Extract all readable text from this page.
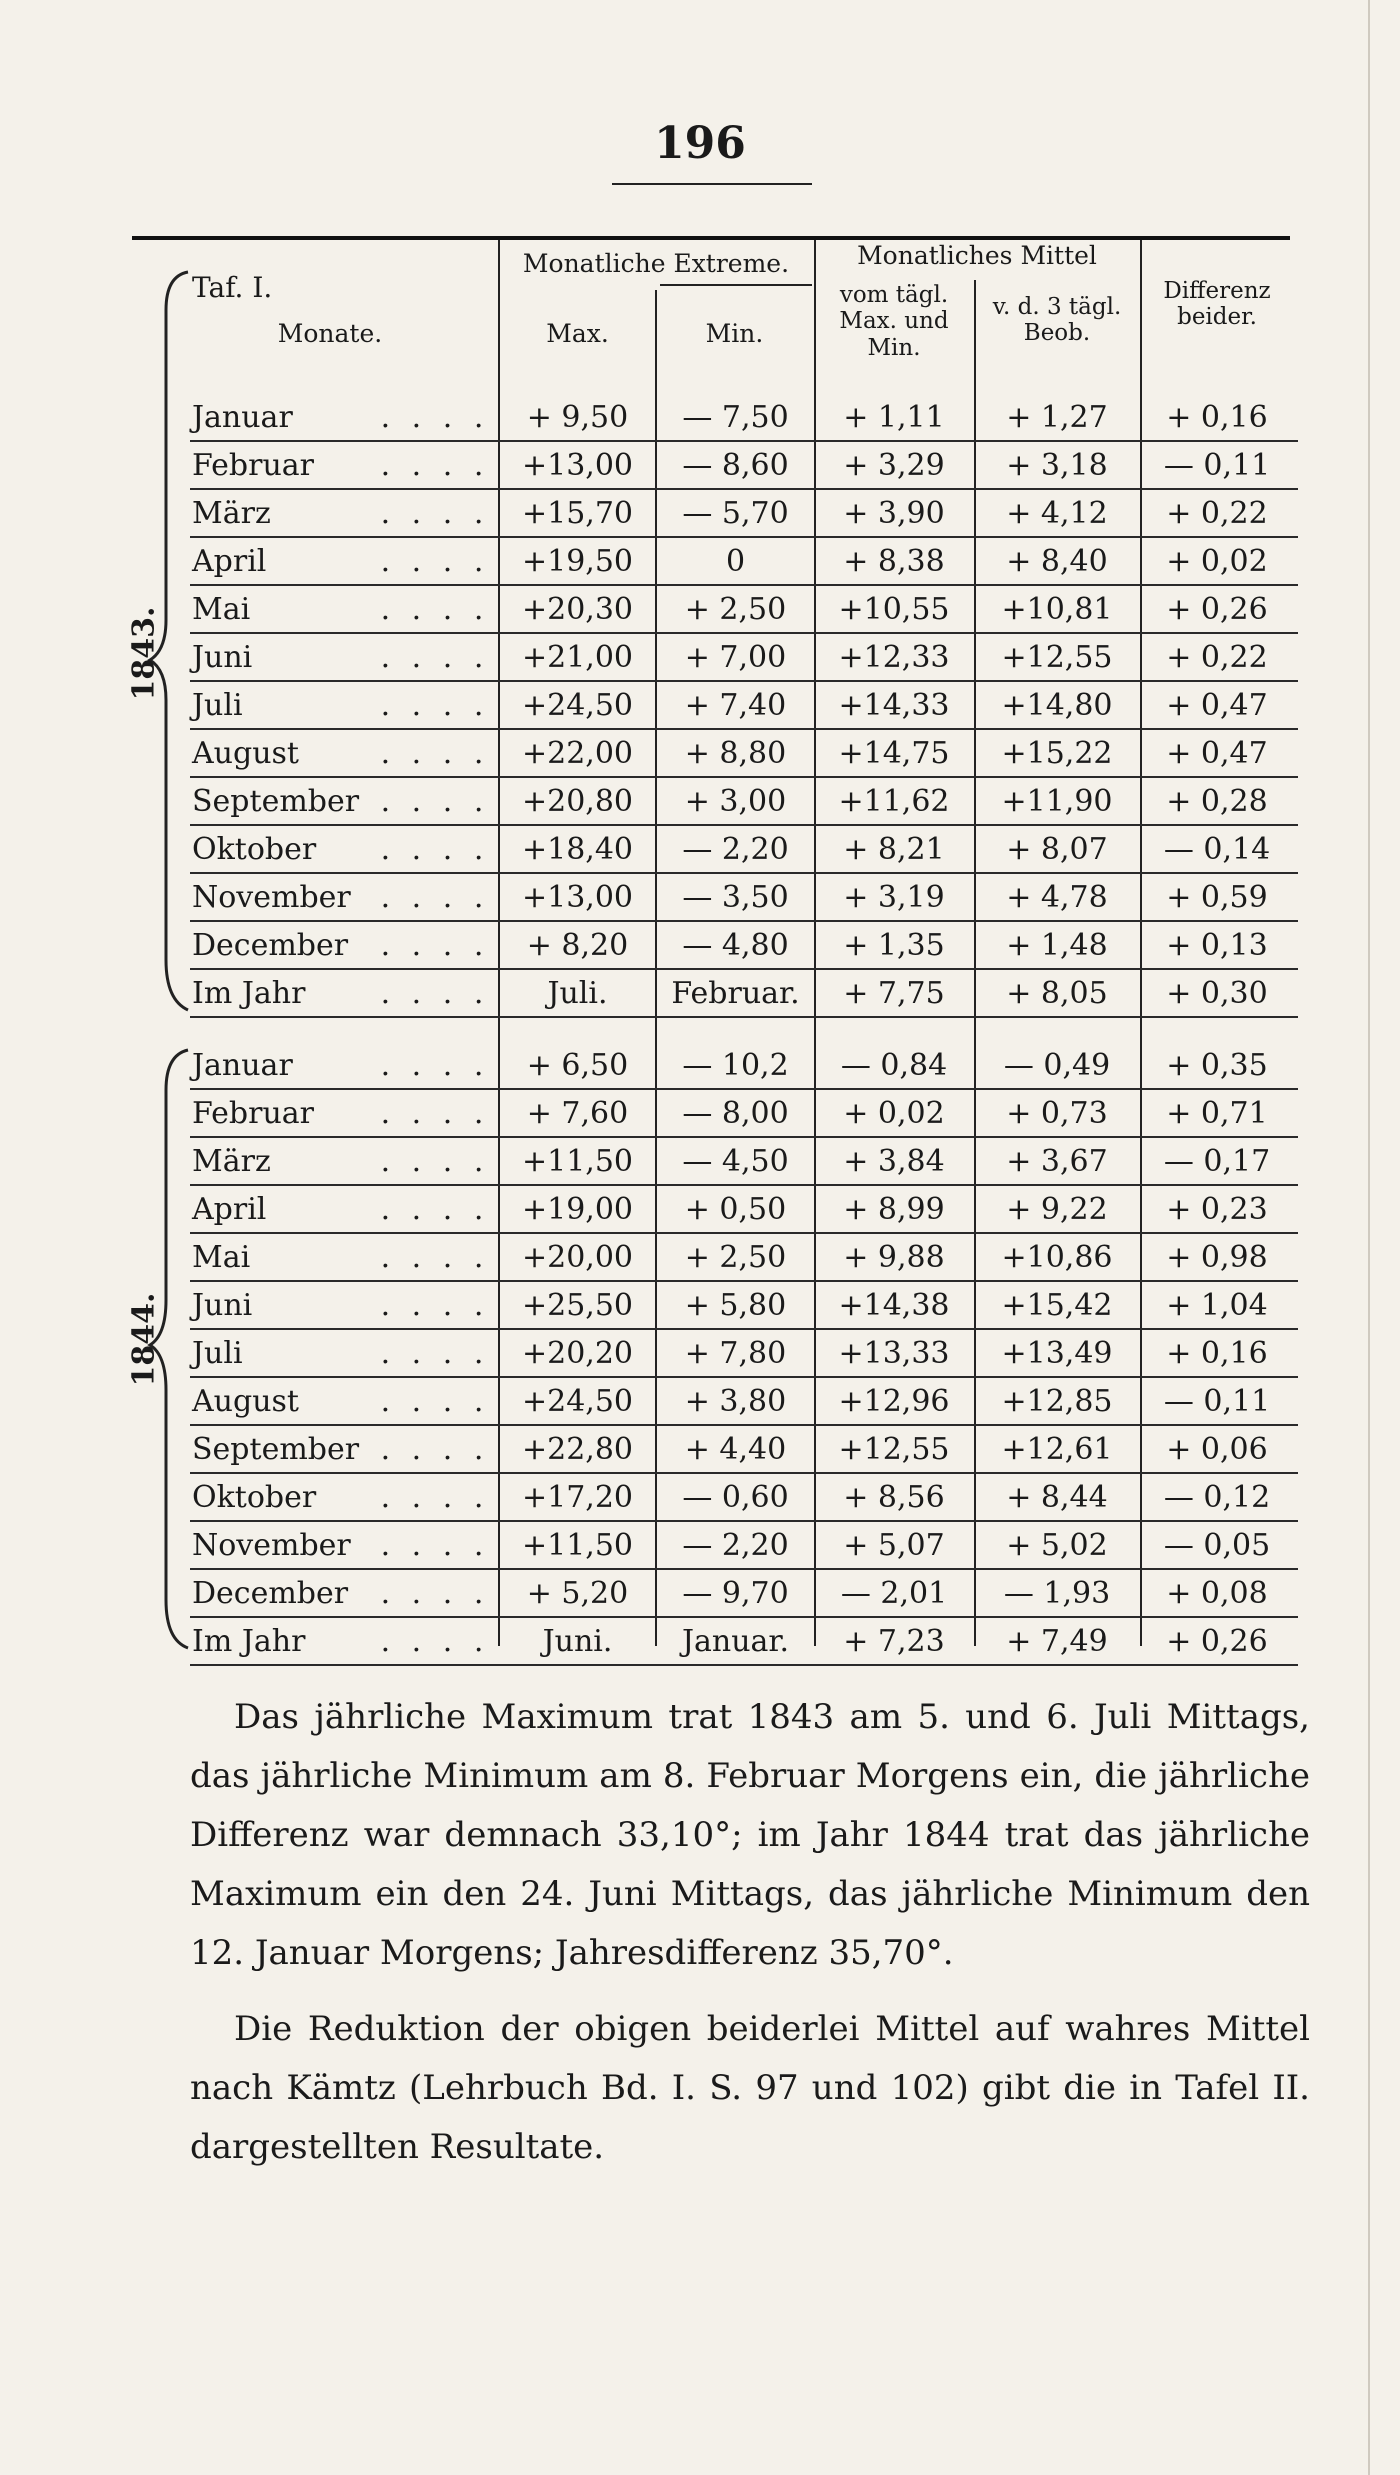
196
Taf. I.
Monate.
Monatliche Extreme.
Max.	Min.
Monatliches Mittel
vom tägl. Max. und Min.
v. d. 3 tägl. Beob.
Differenz beider.
1843.
1844.
Januar	. . . .	+ 9,50	— 7,50	+ 1,11	+ 1,27	+ 0,16
Februar	. . . .	+13,00	— 8,60	+ 3,29	+ 3,18	— 0,11
März	. . . .	+15,70	— 5,70	+ 3,90	+ 4,12	+ 0,22
April	. . . .	+19,50	0	+ 8,38	+ 8,40	+ 0,02
Mai	. . . .	+20,30	+ 2,50	+10,55	+10,81	+ 0,26
Juni	. . . .	+21,00	+ 7,00	+12,33	+12,55	+ 0,22
Juli	. . . .	+24,50	+ 7,40	+14,33	+14,80	+ 0,47
August	. . . .	+22,00	+ 8,80	+14,75	+15,22	+ 0,47
September . . . .	+20,80	+ 3,00	+11,62	+11,90	+ 0,28
Oktober	. . . .	+18,40	— 2,20	+ 8,21	+ 8,07	— 0,14
November . . . .	+13,00	— 3,50	+ 3,19	+ 4,78	+ 0,59
December	. . . .	+ 8,20	— 4,80	+ 1,35	+ 1,48	+ 0,13
Im Jahr	. . . .	Juli.	Februar.	+ 7,75	+ 8,05	+ 0,30
Januar	. . . .	+ 6,50	— 10,2	— 0,84	— 0,49	+ 0,35
Februar	. . . .	+ 7,60	— 8,00	+ 0,02	+ 0,73	+ 0,71
März	. . . .	+11,50	— 4,50	+ 3,84	+ 3,67	— 0,17
April	. . . .	+19,00	+ 0,50	+ 8,99	+ 9,22	+ 0,23
Mai	. . . .	+20,00	+ 2,50	+ 9,88	+10,86	+ 0,98
Juni	. . . .	+25,50	+ 5,80	+14,38	+15,42	+ 1,04
Juli	. . . .	+20,20	+ 7,80	+13,33	+13,49	+ 0,16
August	. . . .	+24,50	+ 3,80	+12,96	+12,85	— 0,11
September . . . .	+22,80	+ 4,40	+12,55	+12,61	+ 0,06
Oktober	. . . .	+17,20	— 0,60	+ 8,56	+ 8,44	— 0,12
November . . . .	+11,50	— 2,20	+ 5,07	+ 5,02	— 0,05
December	. . . .	+ 5,20	— 9,70	— 2,01	— 1,93	+ 0,08
Im Jahr	. . . .	Juni.	Januar.	+ 7,23	+ 7,49	+ 0,26
Das jährliche Maximum trat 1843 am 5. und 6. Juli Mittags, das jährliche Minimum am 8. Februar Morgens ein, die jährliche Differenz war demnach 33,10°; im Jahr 1844 trat das jährliche Maximum ein den 24. Juni Mittags, das jährliche Minimum den 12. Januar Morgens; Jahresdifferenz 35,70°.
Die Reduktion der obigen beiderlei Mittel auf wahres Mittel nach Kämtz (Lehrbuch Bd. I. S. 97 und 102) gibt die in Tafel II. dargestellten Resultate.
